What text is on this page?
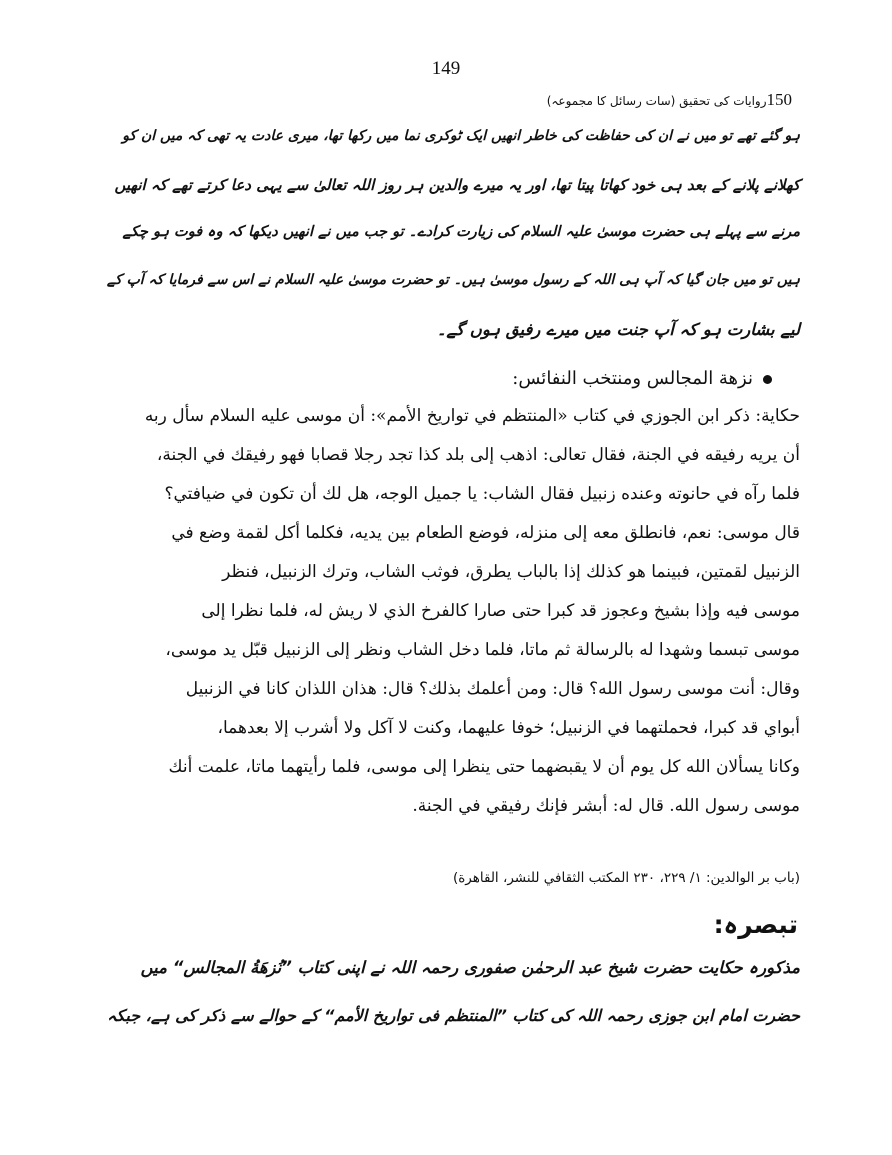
149
150روایات کی تحقیق (سات رسائل کا مجموعہ)
ہو گئے تھے تو میں نے ان کی حفاظت کی خاطر انھیں ایک ٹوکری نما میں رکھا تھا، میری عادت یہ تھی کہ میں ان کو
کھلانے پلانے کے بعد ہی خود کھاتا پیتا تھا، اور یہ میرے والدین ہر روز اللہ تعالیٰ سے یہی دعا کرتے تھے کہ انھیں
مرنے سے پہلے ہی حضرت موسیٰ علیہ السلام کی زیارت کرادے۔ تو جب میں نے انھیں دیکھا کہ وہ فوت ہو چکے
ہیں تو میں جان گیا کہ آپ ہی اللہ کے رسول موسیٰ ہیں۔ تو حضرت موسیٰ علیہ السلام نے اس سے فرمایا کہ آپ کے
لیے بشارت ہو کہ آپ جنت میں میرے رفیق ہوں گے۔
نزهة المجالس ومنتخب النفائس:
حكاية: ذكر ابن الجوزي في كتاب «المنتظم في تواريخ الأمم»: أن موسى عليه السلام سأل ربه
أن يريه رفيقه في الجنة، فقال تعالى: اذهب إلى بلد كذا تجد رجلا قصابا فهو رفيقك في الجنة،
فلما رآه في حانوته وعنده زنبيل فقال الشاب: يا جميل الوجه، هل لك أن تكون في ضيافتي؟
قال موسى: نعم، فانطلق معه إلى منزله، فوضع الطعام بين يديه، فكلما أكل لقمة وضع في
الزنبيل لقمتين، فبينما هو كذلك إذا بالباب يطرق، فوثب الشاب، وترك الزنبيل، فنظر
موسى فيه وإذا بشيخ وعجوز قد كبرا حتى صارا كالفرخ الذي لا ريش له، فلما نظرا إلى
موسى تبسما وشهدا له بالرسالة ثم ماتا، فلما دخل الشاب ونظر إلى الزنبيل قبّل يد موسى،
وقال: أنت موسى رسول الله؟ قال: ومن أعلمك بذلك؟ قال: هذان اللذان كانا في الزنبيل
أبواي قد كبرا، فحملتهما في الزنبيل؛ خوفا عليهما، وكنت لا آكل ولا أشرب إلا بعدهما،
وكانا يسألان الله كل يوم أن لا يقبضهما حتى ينظرا إلى موسى، فلما رأيتهما ماتا، علمت أنك
موسى رسول الله. قال له: أبشر فإنك رفيقي في الجنة.
(باب بر الوالدين: ١/ ٢٢٩، ٢٣٠ المكتب الثقافي للنشر، القاهرة)
تبصرہ:
مذکورہ حکایت حضرت شیخ عبد الرحمٰن صفوری رحمہ اللہ نے اپنی کتاب ”نُزهَةُ المجالس“ میں
حضرت امام ابن جوزی رحمہ اللہ کی کتاب ”المنتظم فی تواریخ الأمم“ کے حوالے سے ذکر کی ہے، جبکہ
